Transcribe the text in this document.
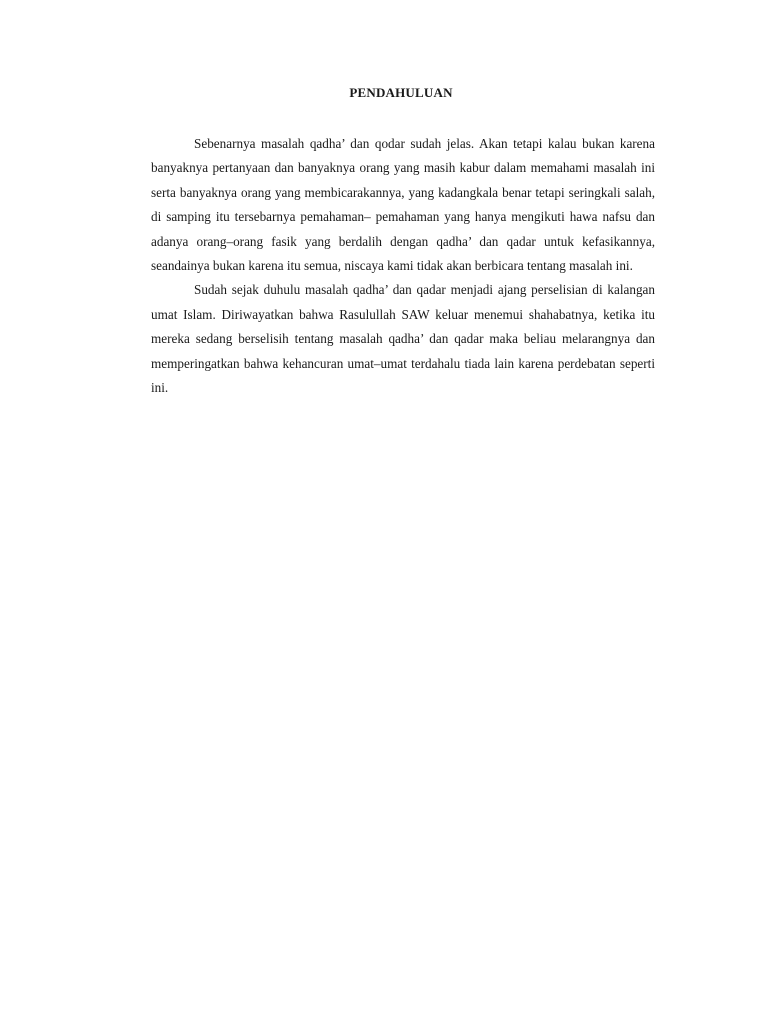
PENDAHULUAN

Sebenarnya masalah qadha’ dan qodar sudah jelas. Akan tetapi kalau bukan karena banyaknya pertanyaan dan banyaknya orang yang masih kabur dalam memahami masalah ini serta banyaknya orang yang membicarakannya, yang kadangkala benar tetapi seringkali salah, di samping itu tersebarnya pemahaman– pemahaman yang hanya mengikuti hawa nafsu dan adanya orang–orang fasik yang berdalih dengan qadha’ dan qadar untuk kefasikannya, seandainya bukan karena itu semua, niscaya kami tidak akan berbicara tentang masalah ini.

Sudah sejak duhulu masalah qadha’ dan qadar menjadi ajang perselisian di kalangan umat Islam. Diriwayatkan bahwa Rasulullah SAW keluar menemui shahabatnya, ketika itu mereka sedang berselisih tentang masalah qadha’ dan qadar maka beliau melarangnya dan memperingatkan bahwa kehancuran umat–umat terdahalu tiada lain karena perdebatan seperti ini.
